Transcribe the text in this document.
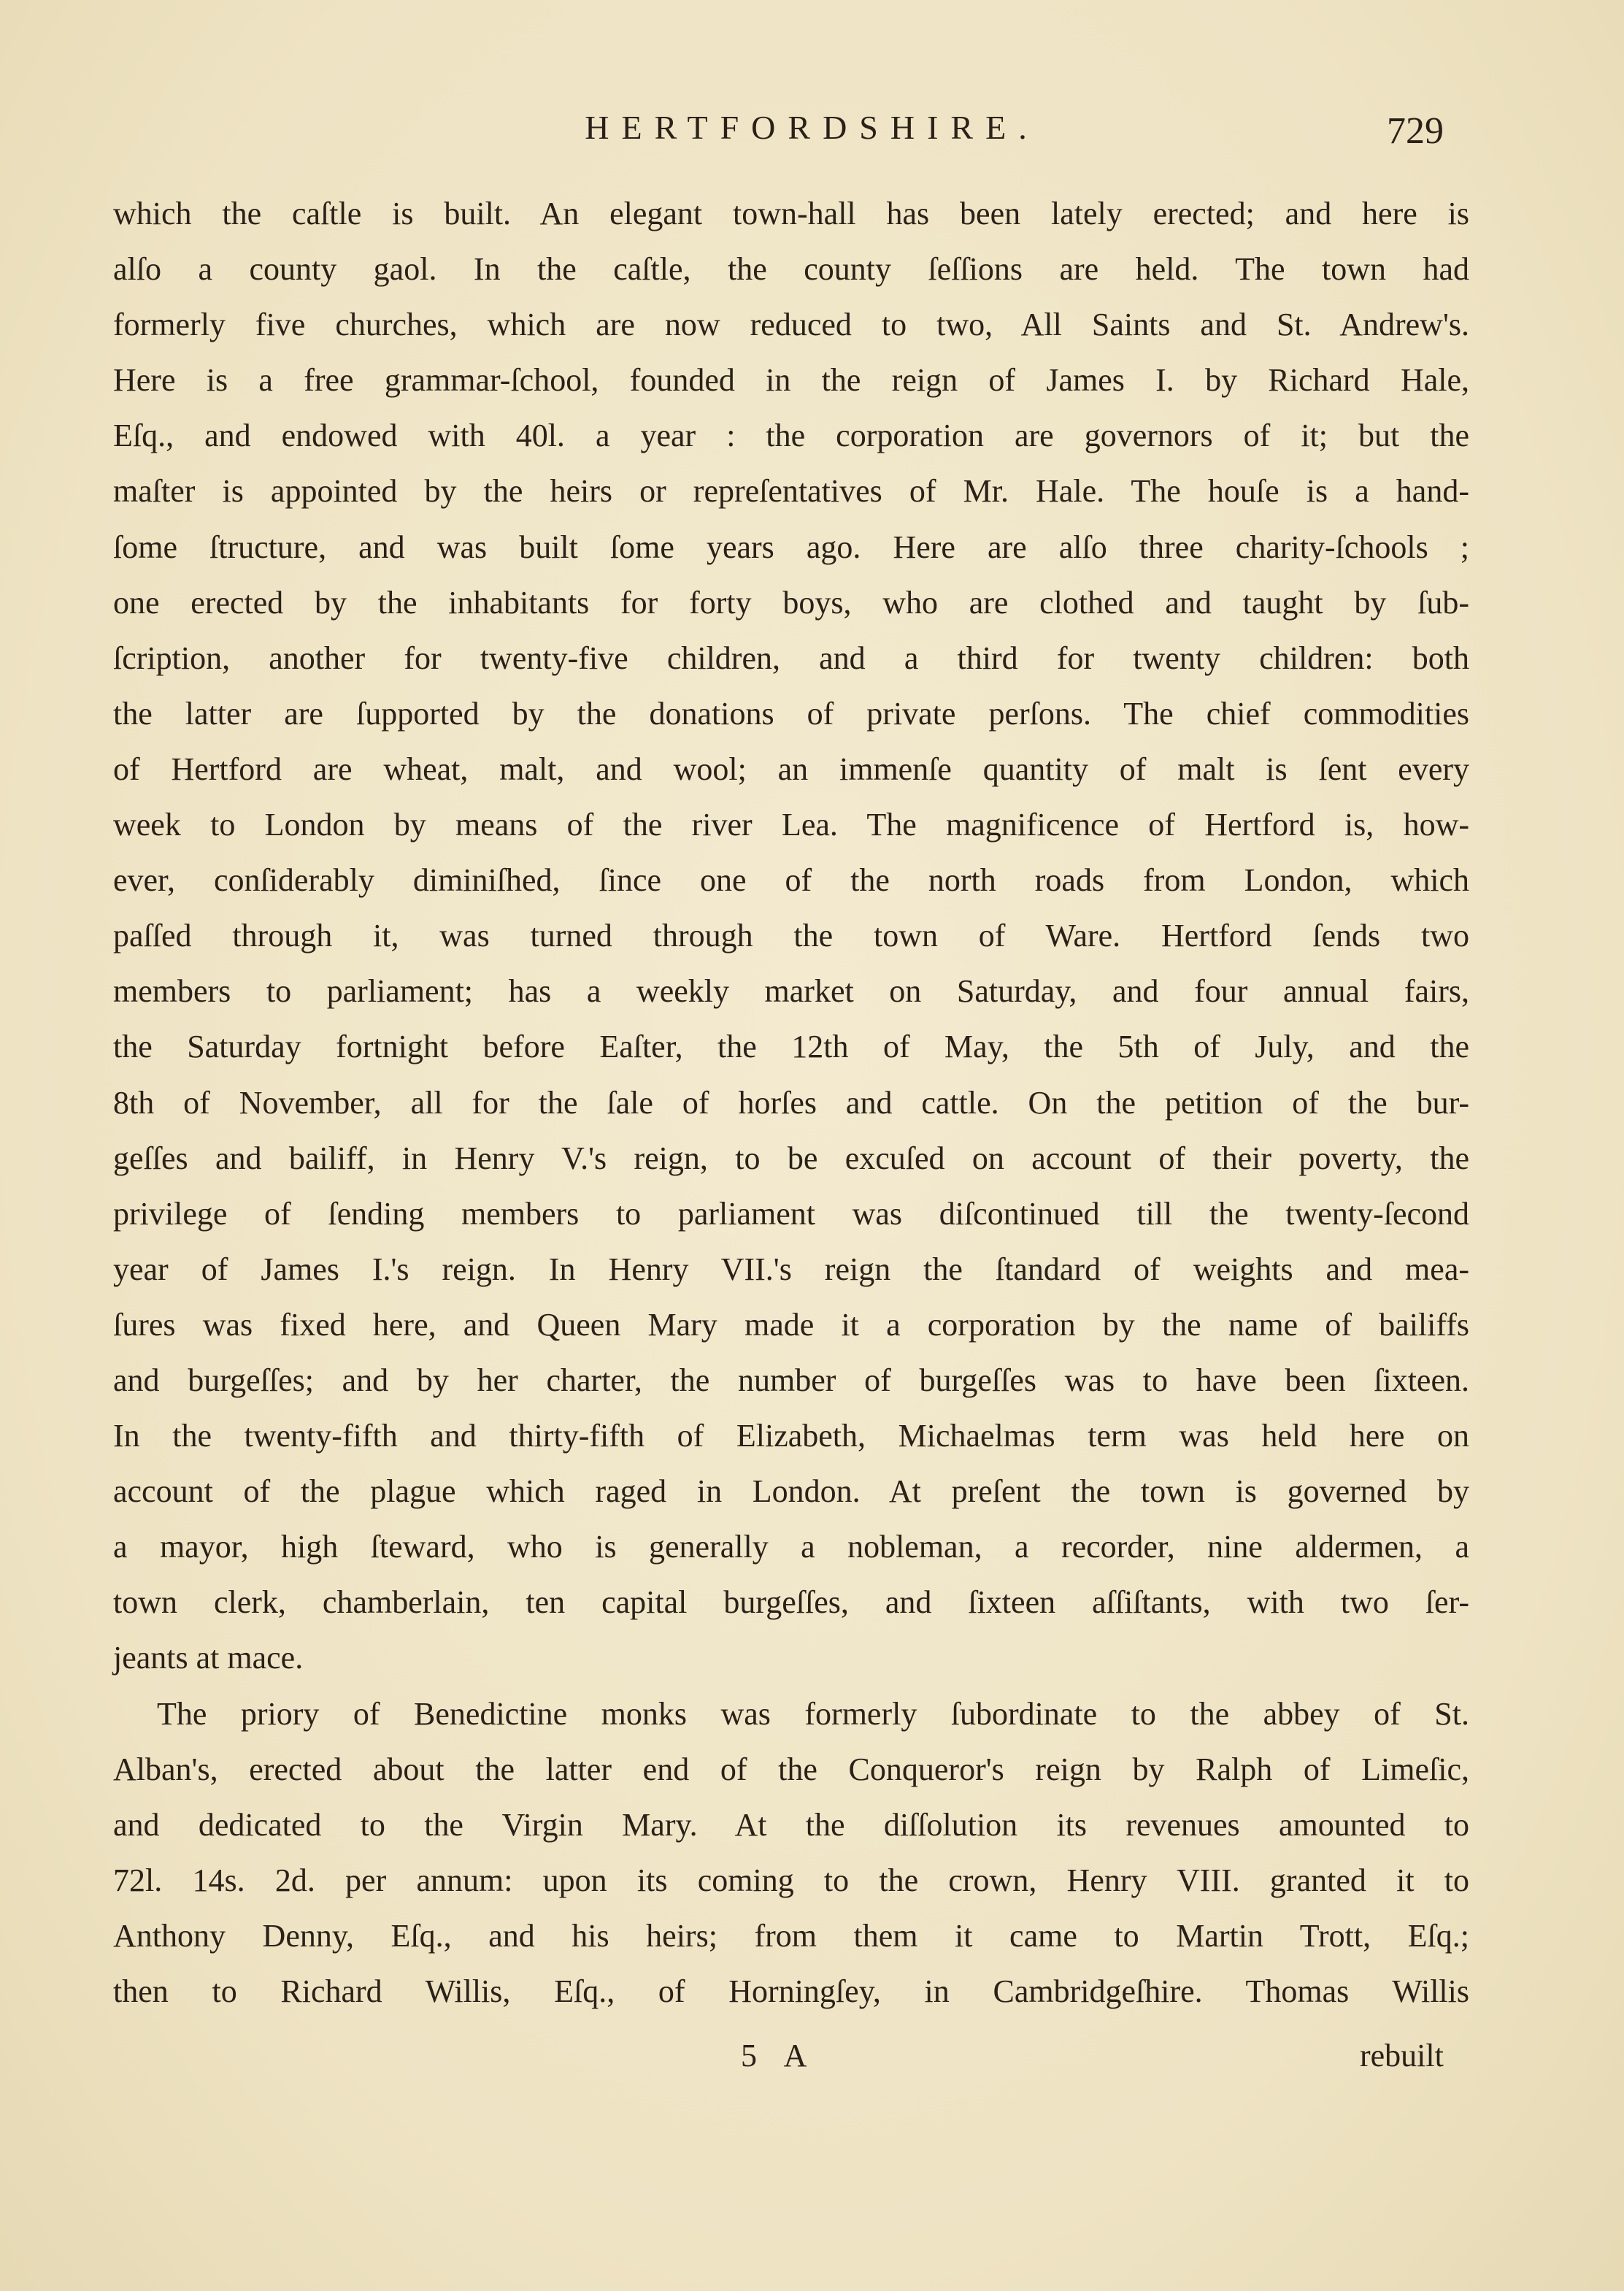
HERTFORDSHIRE.	729
which the caſtle is built. An elegant town-hall has been lately erected; and here is
alſo a county gaol. In the caſtle, the county ſeſſions are held. The town had
formerly five churches, which are now reduced to two, All Saints and St. Andrew's.
Here is a free grammar-ſchool, founded in the reign of James I. by Richard Hale,
Eſq., and endowed with 40l. a year : the corporation are governors of it; but the
maſter is appointed by the heirs or repreſentatives of Mr. Hale. The houſe is a hand-
ſome ſtructure, and was built ſome years ago. Here are alſo three charity-ſchools ;
one erected by the inhabitants for forty boys, who are clothed and taught by ſub-
ſcription, another for twenty-five children, and a third for twenty children: both
the latter are ſupported by the donations of private perſons. The chief commodities
of Hertford are wheat, malt, and wool; an immenſe quantity of malt is ſent every
week to London by means of the river Lea. The magnificence of Hertford is, how-
ever, conſiderably diminiſhed, ſince one of the north roads from London, which
paſſed through it, was turned through the town of Ware. Hertford ſends two
members to parliament; has a weekly market on Saturday, and four annual fairs,
the Saturday fortnight before Eaſter, the 12th of May, the 5th of July, and the
8th of November, all for the ſale of horſes and cattle. On the petition of the bur-
geſſes and bailiff, in Henry V.'s reign, to be excuſed on account of their poverty, the
privilege of ſending members to parliament was diſcontinued till the twenty-ſecond
year of James I.'s reign. In Henry VII.'s reign the ſtandard of weights and mea-
ſures was fixed here, and Queen Mary made it a corporation by the name of bailiffs
and burgeſſes; and by her charter, the number of burgeſſes was to have been ſixteen.
In the twenty-fifth and thirty-fifth of Elizabeth, Michaelmas term was held here on
account of the plague which raged in London. At preſent the town is governed by
a mayor, high ſteward, who is generally a nobleman, a recorder, nine aldermen, a
town clerk, chamberlain, ten capital burgeſſes, and ſixteen aſſiſtants, with two ſer-
jeants at mace.
The priory of Benedictine monks was formerly ſubordinate to the abbey of St.
Alban's, erected about the latter end of the Conqueror's reign by Ralph of Limeſic,
and dedicated to the Virgin Mary. At the diſſolution its revenues amounted to
72l. 14s. 2d. per annum: upon its coming to the crown, Henry VIII. granted it to
Anthony Denny, Eſq., and his heirs; from them it came to Martin Trott, Eſq.;
then to Richard Willis, Eſq., of Horningſey, in Cambridgeſhire. Thomas Willis
5 A	rebuilt
